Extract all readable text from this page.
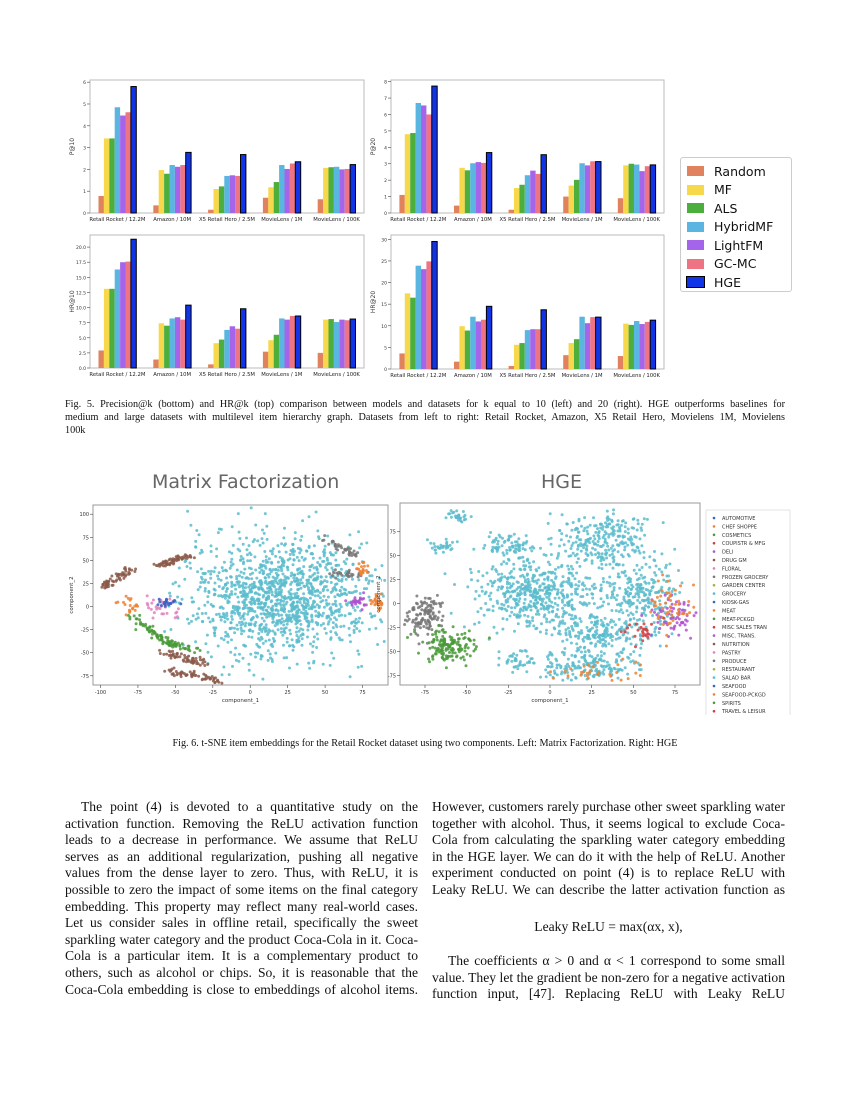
0
1
2
3
4
5
6
P@10
Retail Rocket / 12.2M Amazon / 10M X5 Retail Hero / 2.5M MovieLens / 1M MovieLens / 100K
0
1
2
3
4
5
6
7
8
P@20
Retail Rocket / 12.2M Amazon / 10M X5 Retail Hero / 2.5M MovieLens / 1M MovieLens / 100K
0.0
2.5
5.0
7.5
10.0
12.5
15.0
17.5
20.0
HR@10
Retail Rocket / 12.2M Amazon / 10M X5 Retail Hero / 2.5M MovieLens / 1M MovieLens / 100K
0
5
10
15
20
25
30
HR@20
Retail Rocket / 12.2M Amazon / 10M X5 Retail Hero / 2.5M MovieLens / 1M MovieLens / 100K
Random
MF
ALS
HybridMF
LightFM
GC-MC
HGE
Fig. 5. Precision@k (bottom) and HR@k (top) comparison between models and datasets for k equal to 10 (left) and 20 (right). HGE outperforms baselines for
medium and large datasets with multilevel item hierarchy graph. Datasets from left to right: Retail Rocket, Amazon, X5 Retail Hero, Movielens 1M, Movielens
100k
Matrix Factorization	HGE
-100	-75	-50	-25	0	25	50	75
-75
-50
-25
0
25
50
75
100
component_1
component_2
-75	-50	-25	0	25	50	75
-75
-50
-25
0
25
50
75
component_1
component_2
AUTOMOTIVE
CHEF SHOPPE
COSMETICS
COUPISTR & MFG
DELI
DRUG GM
FLORAL
FROZEN GROCERY
GARDEN CENTER
GROCERY
KIOSK-GAS
MEAT
MEAT-PCKGD
MISC SALES TRAN
MISC. TRANS.
NUTRITION
PASTRY
PRODUCE
RESTAURANT
SALAD BAR
SEAFOOD
SEAFOOD-PCKGD
SPIRITS
TRAVEL & LEISUR
Fig. 6. t-SNE item embeddings for the Retail Rocket dataset using two components. Left: Matrix Factorization. Right: HGE
The point (4) is devoted to a quantitative study on the
activation function. Removing the ReLU activation function
leads to a decrease in performance. We assume that ReLU
serves as an additional regularization, pushing all negative
values from the dense layer to zero. Thus, with ReLU, it is
possible to zero the impact of some items on the final category
embedding. This property may reflect many real-world cases.
Let us consider sales in offline retail, specifically the sweet
sparkling water category and the product Coca-Cola in it. Coca-
Cola is a particular item. It is a complementary product to
others, such as alcohol or chips. So, it is reasonable that the
Coca-Cola embedding is close to embeddings of alcohol items.
However, customers rarely purchase other sweet sparkling water
together with alcohol. Thus, it seems logical to exclude Coca-
Cola from calculating the sparkling water category embedding
in the HGE layer. We can do it with the help of ReLU. Another
experiment conducted on point (4) is to replace ReLU with
Leaky ReLU. We can describe the latter activation function as
Leaky ReLU = max(αx, x),
The coefficients α > 0 and α < 1 correspond to some small
value. They let the gradient be non-zero for a negative activation
function input, [47]. Replacing ReLU with Leaky ReLU
